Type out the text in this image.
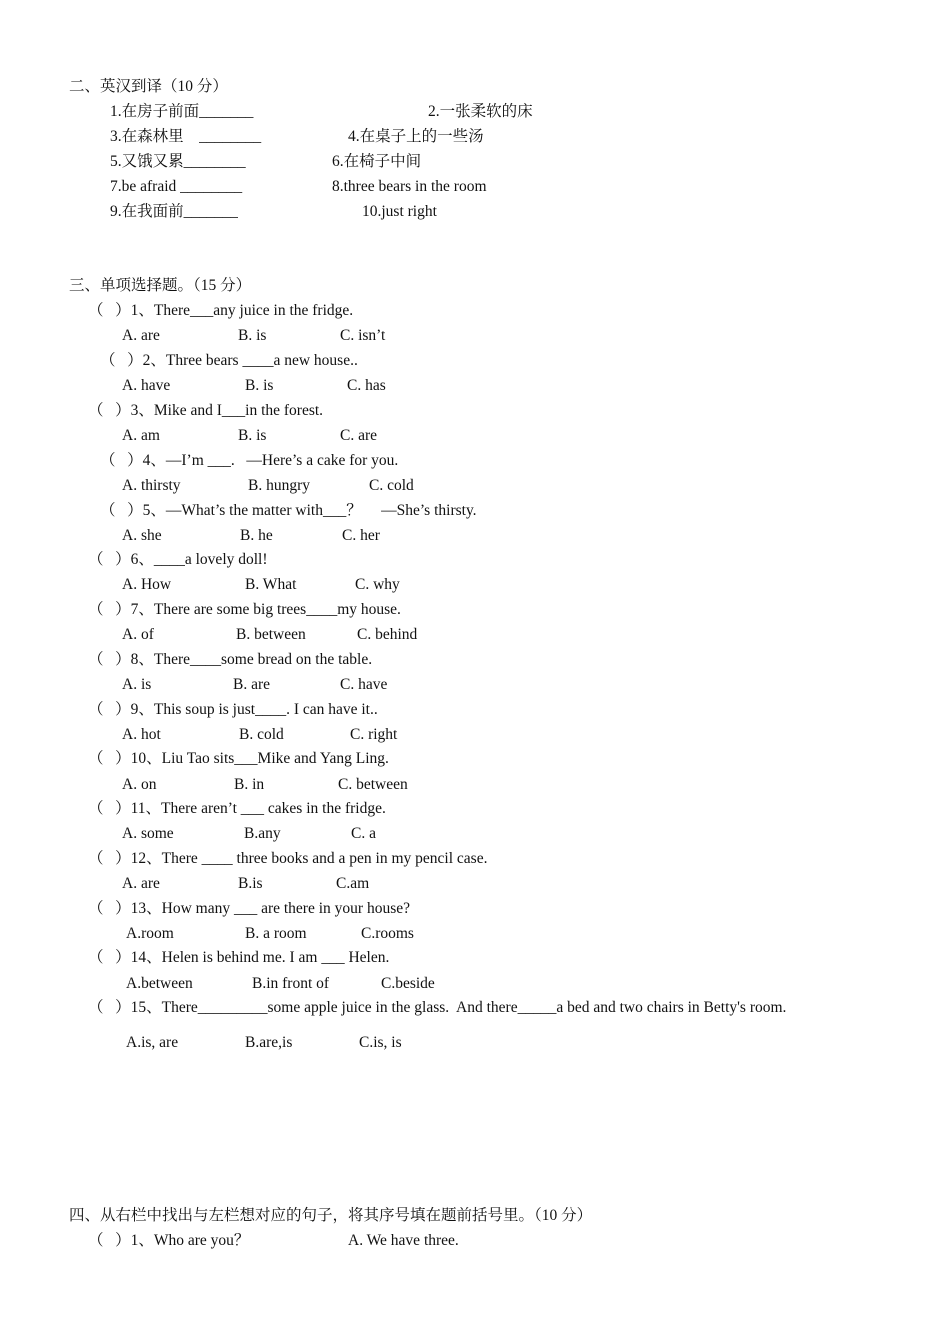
二、英汉到译（10 分）
1.在房子前面_______	2.一张柔软的床
3.在森林里    ________	4.在桌子上的一些汤
5.又饿又累________	6.在椅子中间
7.be afraid ________	8.three bears in the room
9.在我面前_______	10.just right
三、单项选择题。（15 分）
（   ）1、There___any juice in the fridge.
A. are	B. is	C. isn’t
（   ）2、Three bears ____a new house..
A. have	B. is	C. has
（   ）3、Mike and I___in the forest.
A. am	B. is	C. are
（   ）4、—I’m ___.   —Here’s a cake for you.
A. thirsty	B. hungry	C. cold
（   ）5、—What’s the matter with___？     —She’s thirsty.
A. she	B. he	C. her
（   ）6、____a lovely doll!
A. How	B. What	C. why
（   ）7、There are some big trees____my house.
A. of	B. between	C. behind
（   ）8、There____some bread on the table.
A. is	B. are	C. have
（   ）9、This soup is just____. I can have it..
A. hot	B. cold	C. right
（   ）10、Liu Tao sits___Mike and Yang Ling.
A. on	B. in	C. between
（   ）11、There aren’t ___ cakes in the fridge.
A. some	B.any	C. a
（   ）12、There ____ three books and a pen in my pencil case.
A. are	B.is	C.am
（   ）13、How many ___ are there in your house?
A.room	B. a room	C.rooms
（   ）14、Helen is behind me. I am ___ Helen.
A.between	B.in front of	C.beside
（   ）15、There_________some apple juice in the glass.  And there_____a bed and two chairs in Betty's room.
A.is, are	B.are,is	C.is, is
四、从右栏中找出与左栏想对应的句子，将其序号填在题前括号里。（10 分）
（   ）1、Who are you？	A. We have three.
